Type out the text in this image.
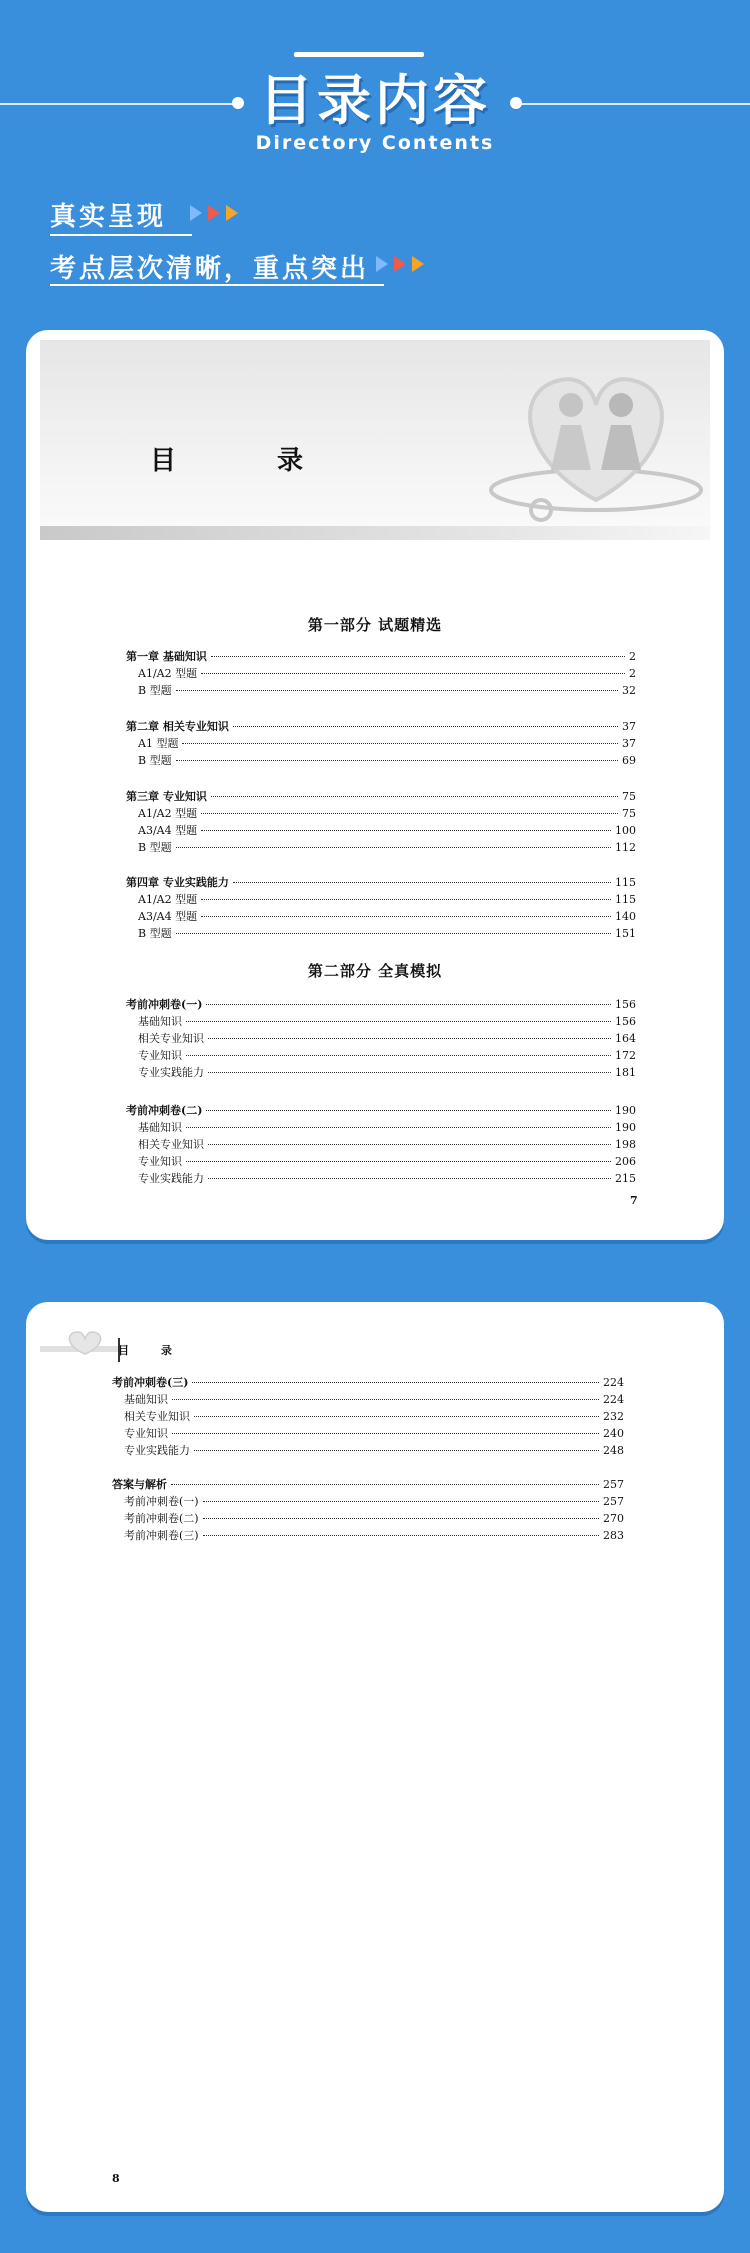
目录内容
Directory Contents
真实呈现
考点层次清晰，重点突出
目 录
第一部分 试题精选
第一章 基础知识	2
A1/A2 型题	2
B 型题	32
第二章 相关专业知识	37
A1 型题	37
B 型题	69
第三章 专业知识	75
A1/A2 型题	75
A3/A4 型题	100
B 型题	112
第四章 专业实践能力	115
A1/A2 型题	115
A3/A4 型题	140
B 型题	151
第二部分 全真模拟
考前冲刺卷(一)	156
基础知识	156
相关专业知识	164
专业知识	172
专业实践能力	181
考前冲刺卷(二)	190
基础知识	190
相关专业知识	198
专业知识	206
专业实践能力	215
7
目 录
考前冲刺卷(三)	224
基础知识	224
相关专业知识	232
专业知识	240
专业实践能力	248
答案与解析	257
考前冲刺卷(一)	257
考前冲刺卷(二)	270
考前冲刺卷(三)	283
8
